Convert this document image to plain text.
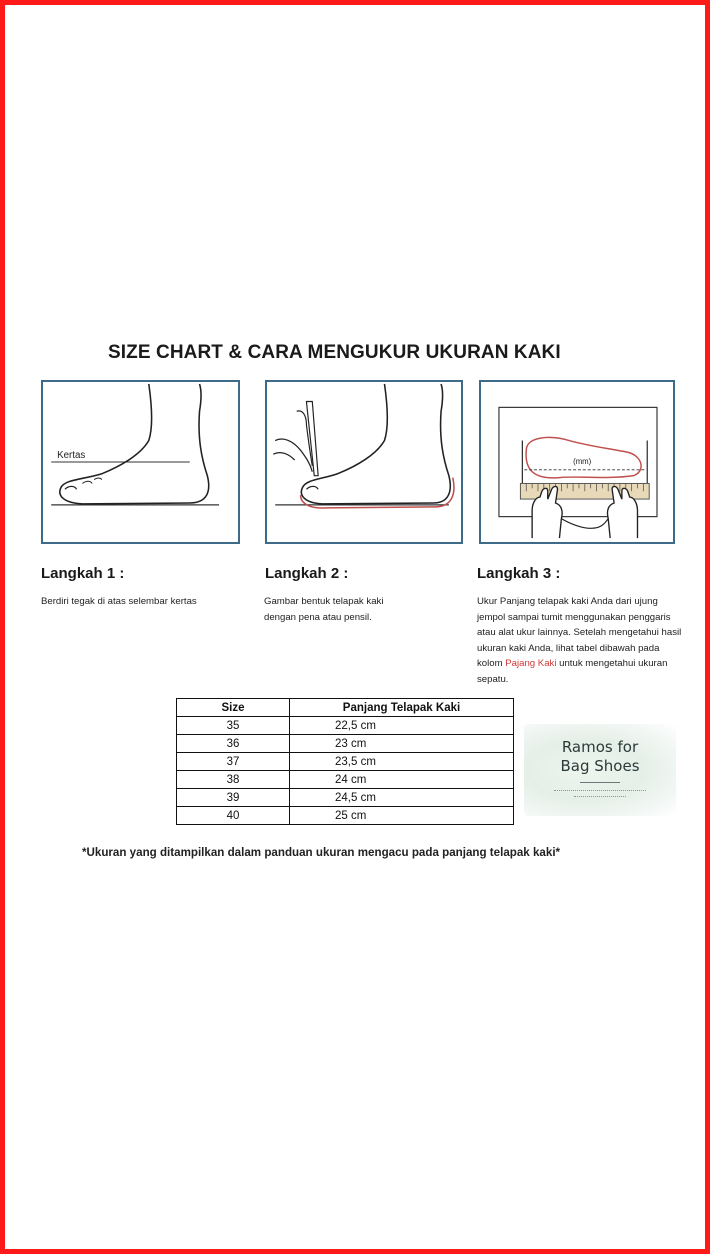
SIZE CHART & CARA MENGUKUR UKURAN KAKI
Kertas
(mm)
Langkah 1 :	Langkah 2 :	Langkah 3 :
Berdiri tegak di atas selembar kertas	Gambar bentuk telapak kaki dengan pena atau pensil.
Ukur Panjang telapak kaki Anda dari ujung jempol sampai tumit menggunakan penggaris atau alat ukur lainnya. Setelah mengetahui hasil ukuran kaki Anda, lihat tabel dibawah pada kolom Pajang Kaki untuk mengetahui ukuran sepatu.
Size	Panjang Telapak Kaki
35	22,5 cm
36	23 cm
37	23,5 cm
38	24 cm
39	24,5 cm
40	25 cm
Ramos for
Bag Shoes
*Ukuran yang ditampilkan dalam panduan ukuran mengacu pada panjang telapak kaki*
